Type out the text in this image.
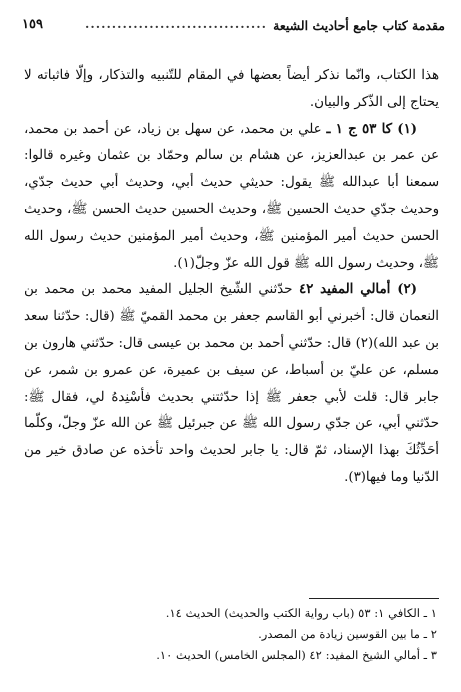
مقدمة كتاب جامع أحاديث الشيعة
..................................
١٥٩

هذا الكتاب، وانّما نذكر أيضاً بعضها في المقام للتّنبيه والتذكار، وإلّا فاثباته لا يحتاج إلى الذّكر والبيان.

(١) كا ٥٣ ج ١ ـ علي بن محمد، عن سهل بن زياد، عن أحمد بن محمد، عن عمر بن عبدالعزيز، عن هشام بن سالم وحمّاد بن عثمان وغيره قالوا: سمعنا أبا عبدالله ﷺ يقول: حديثي حديث أبي، وحديث أبي حديث جدّي، وحديث جدّي حديث الحسين ﷺ، وحديث الحسين حديث الحسن ﷺ، وحديث الحسن حديث أمير المؤمنين ﷺ، وحديث أمير المؤمنين حديث رسول الله ﷺ، وحديث رسول الله ﷺ قول الله عزّ وجلّ(١).

(٢) أمالي المفيد ٤٢ حدّثني الشّيخ الجليل المفيد محمد بن محمد بن النعمان قال: أخبرني أبو القاسم جعفر بن محمد القميّ ﷺ (قال: حدّثنا سعد بن عبد الله)(٢) قال: حدّثني أحمد بن محمد بن عيسى قال: حدّثني هارون بن مسلم، عن عليّ بن أسباط، عن سيف بن عميرة، عن عمرو بن شمر، عن جابر قال: قلت لأبي جعفر ﷺ إذا حدّثتني بحديث فأسْنِدهُ لي، فقال ﷺ: حدّثني أبي، عن جدّي رسول الله ﷺ عن جبرئيل ﷺ عن الله عزّ وجلّ، وكلّما أحَدِّثُكَ بهذا الإسناد، ثمّ قال: يا جابر لحديث واحد تأخذه عن صادق خير من الدّنيا وما فيها(٣).

١ ـ الكافي ١: ٥٣ (باب رواية الكتب والحديث) الحديث ١٤.
٢ ـ ما بين القوسين زيادة من المصدر.
٣ ـ أمالي الشيخ المفيد: ٤٢ (المجلس الخامس) الحديث ١٠.
